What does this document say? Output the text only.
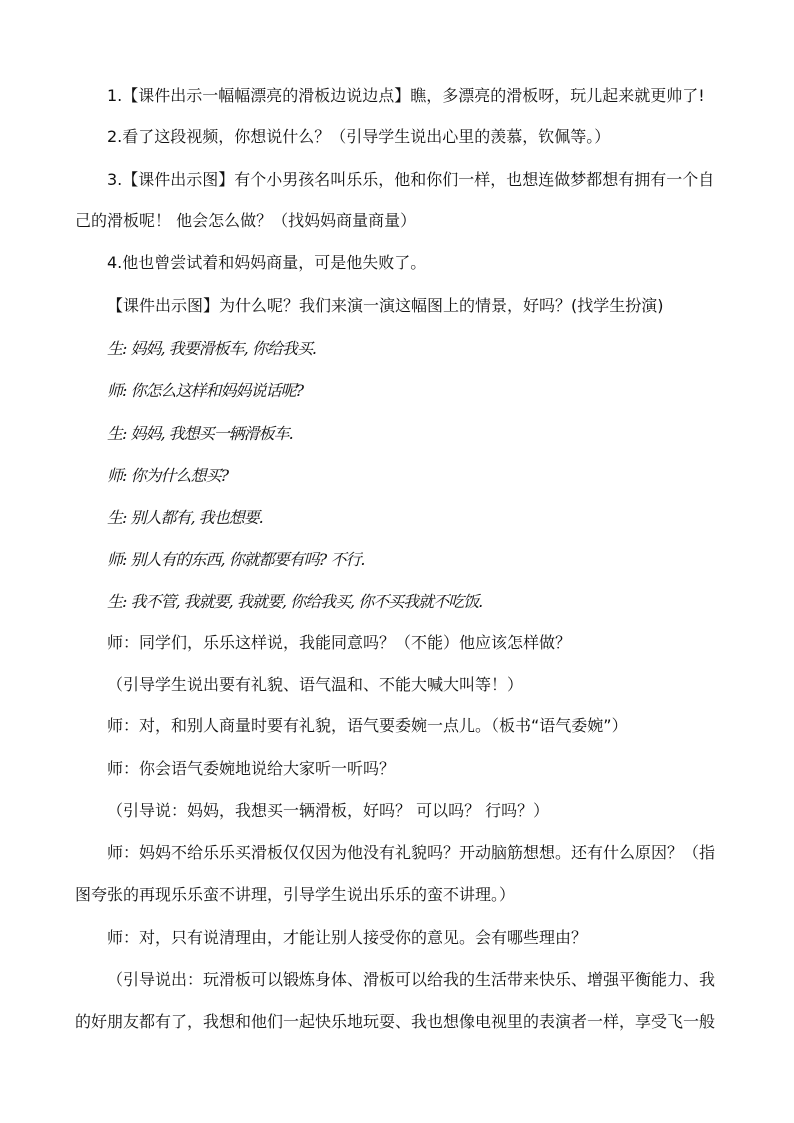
1.【课件出示一幅幅漂亮的滑板边说边点】瞧，多漂亮的滑板呀，玩儿起来就更帅了!
2.看了这段视频，你想说什么？（引导学生说出心里的羡慕，钦佩等。）
3.【课件出示图】有个小男孩名叫乐乐，他和你们一样，也想连做梦都想有拥有一个自
己的滑板呢！ 他会怎么做？（找妈妈商量商量）
4.他也曾尝试着和妈妈商量，可是他失败了。
【课件出示图】为什么呢？我们来演一演这幅图上的情景，好吗？(找学生扮演)
生: 妈妈, 我要滑板车, 你给我买.
师: 你怎么这样和妈妈说话呢?
生: 妈妈, 我想买一辆滑板车.
师: 你为什么想买?
生: 别人都有, 我也想要.
师: 别人有的东西, 你就都要有吗? 不行.
生: 我不管, 我就要, 我就要, 你给我买, 你不买我就不吃饭.
师：同学们，乐乐这样说，我能同意吗？（不能）他应该怎样做？
（引导学生说出要有礼貌、语气温和、不能大喊大叫等！）
师：对，和别人商量时要有礼貌，语气要委婉一点儿。（板书“语气委婉”）
师：你会语气委婉地说给大家听一听吗？
（引导说：妈妈，我想买一辆滑板，好吗？ 可以吗？ 行吗？）
师：妈妈不给乐乐买滑板仅仅因为他没有礼貌吗？开动脑筋想想。还有什么原因？（指
图夸张的再现乐乐蛮不讲理，引导学生说出乐乐的蛮不讲理。）
师：对，只有说清理由，才能让别人接受你的意见。会有哪些理由？
（引导说出：玩滑板可以锻炼身体、滑板可以给我的生活带来快乐、增强平衡能力、我
的好朋友都有了，我想和他们一起快乐地玩耍、我也想像电视里的表演者一样，享受飞一般
